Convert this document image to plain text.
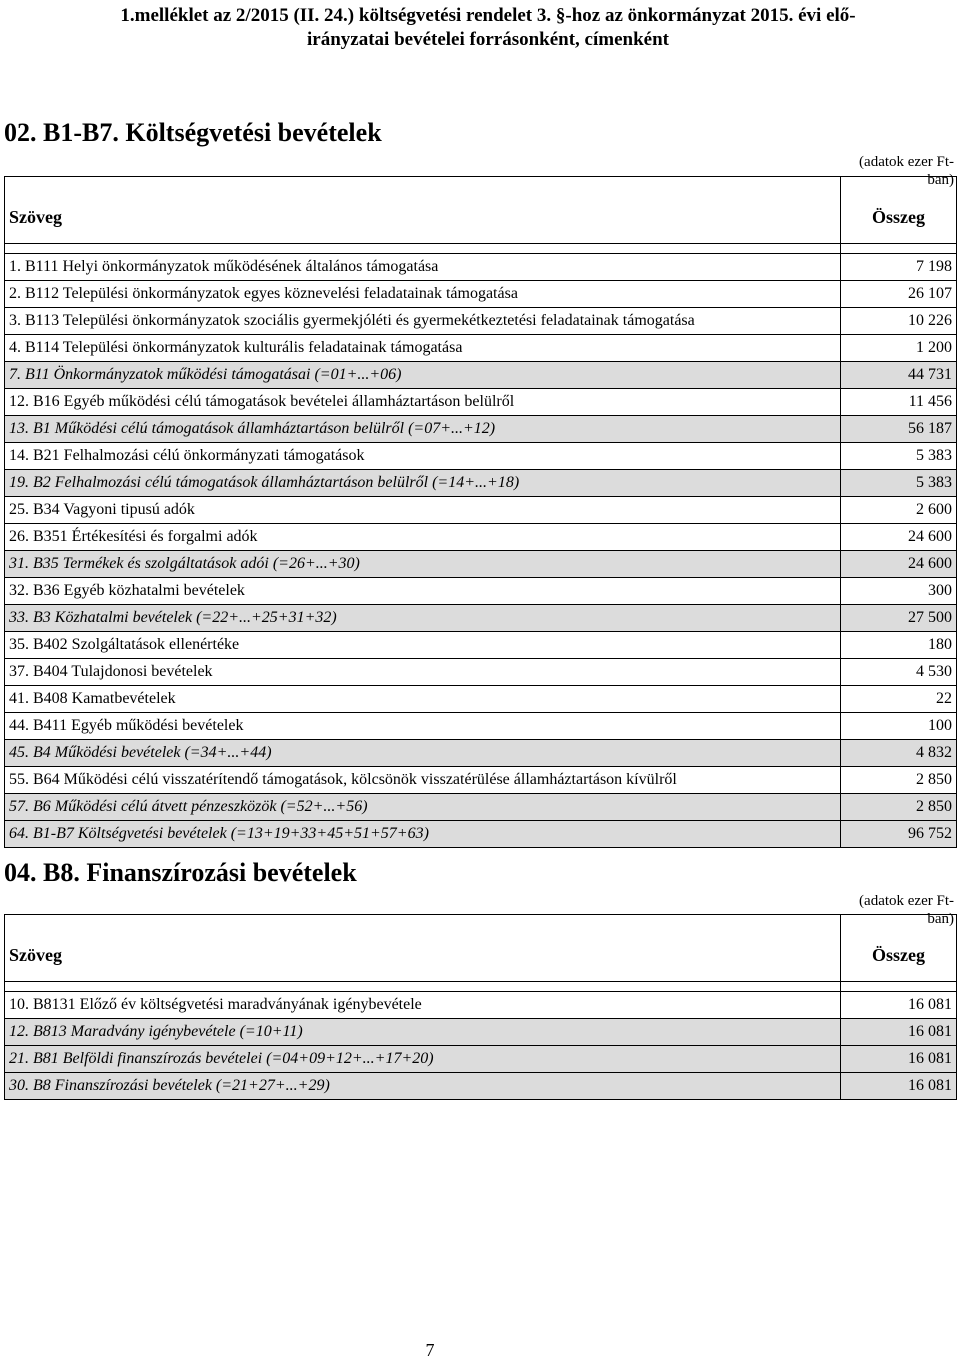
1.melléklet az 2/2015 (II. 24.) költségvetési rendelet 3. §-hoz az önkormányzat 2015. évi elő-
irányzatai bevételei forrásonként, címenként
02. B1-B7. Költségvetési bevételek
(adatok ezer Ft-ban)
Szöveg	Összeg

1. B111 Helyi önkormányzatok működésének általános támogatása	7 198
2. B112 Települési önkormányzatok egyes köznevelési feladatainak támogatása	26 107
3. B113 Települési önkormányzatok szociális gyermekjóléti és gyermekétkeztetési feladatainak támogatása	10 226
4. B114 Települési önkormányzatok kulturális feladatainak támogatása	1 200
7. B11 Önkormányzatok működési támogatásai (=01+...+06)	44 731
12. B16 Egyéb működési célú támogatások bevételei államháztartáson belülről	11 456
13. B1 Működési célú támogatások államháztartáson belülről (=07+...+12)	56 187
14. B21 Felhalmozási célú önkormányzati támogatások	5 383
19. B2 Felhalmozási célú támogatások államháztartáson belülről (=14+...+18)	5 383
25. B34 Vagyoni tipusú adók	2 600
26. B351 Értékesítési és forgalmi adók	24 600
31. B35 Termékek és szolgáltatások adói (=26+...+30)	24 600
32. B36 Egyéb közhatalmi bevételek	300
33. B3 Közhatalmi bevételek (=22+...+25+31+32)	27 500
35. B402 Szolgáltatások ellenértéke	180
37. B404 Tulajdonosi bevételek	4 530
41. B408 Kamatbevételek	22
44. B411 Egyéb működési bevételek	100
45. B4 Működési bevételek (=34+...+44)	4 832
55. B64 Működési célú visszatérítendő támogatások, kölcsönök visszatérülése államháztartáson kívülről	2 850
57. B6 Működési célú átvett pénzeszközök (=52+...+56)	2 850
64. B1-B7 Költségvetési bevételek (=13+19+33+45+51+57+63)	96 752
04. B8. Finanszírozási bevételek
(adatok ezer Ft-ban)
Szöveg	Összeg

10. B8131 Előző év költségvetési maradványának igénybevétele	16 081
12. B813 Maradvány igénybevétele (=10+11)	16 081
21. B81 Belföldi finanszírozás bevételei (=04+09+12+...+17+20)	16 081
30. B8 Finanszírozási bevételek (=21+27+...+29)	16 081
7
